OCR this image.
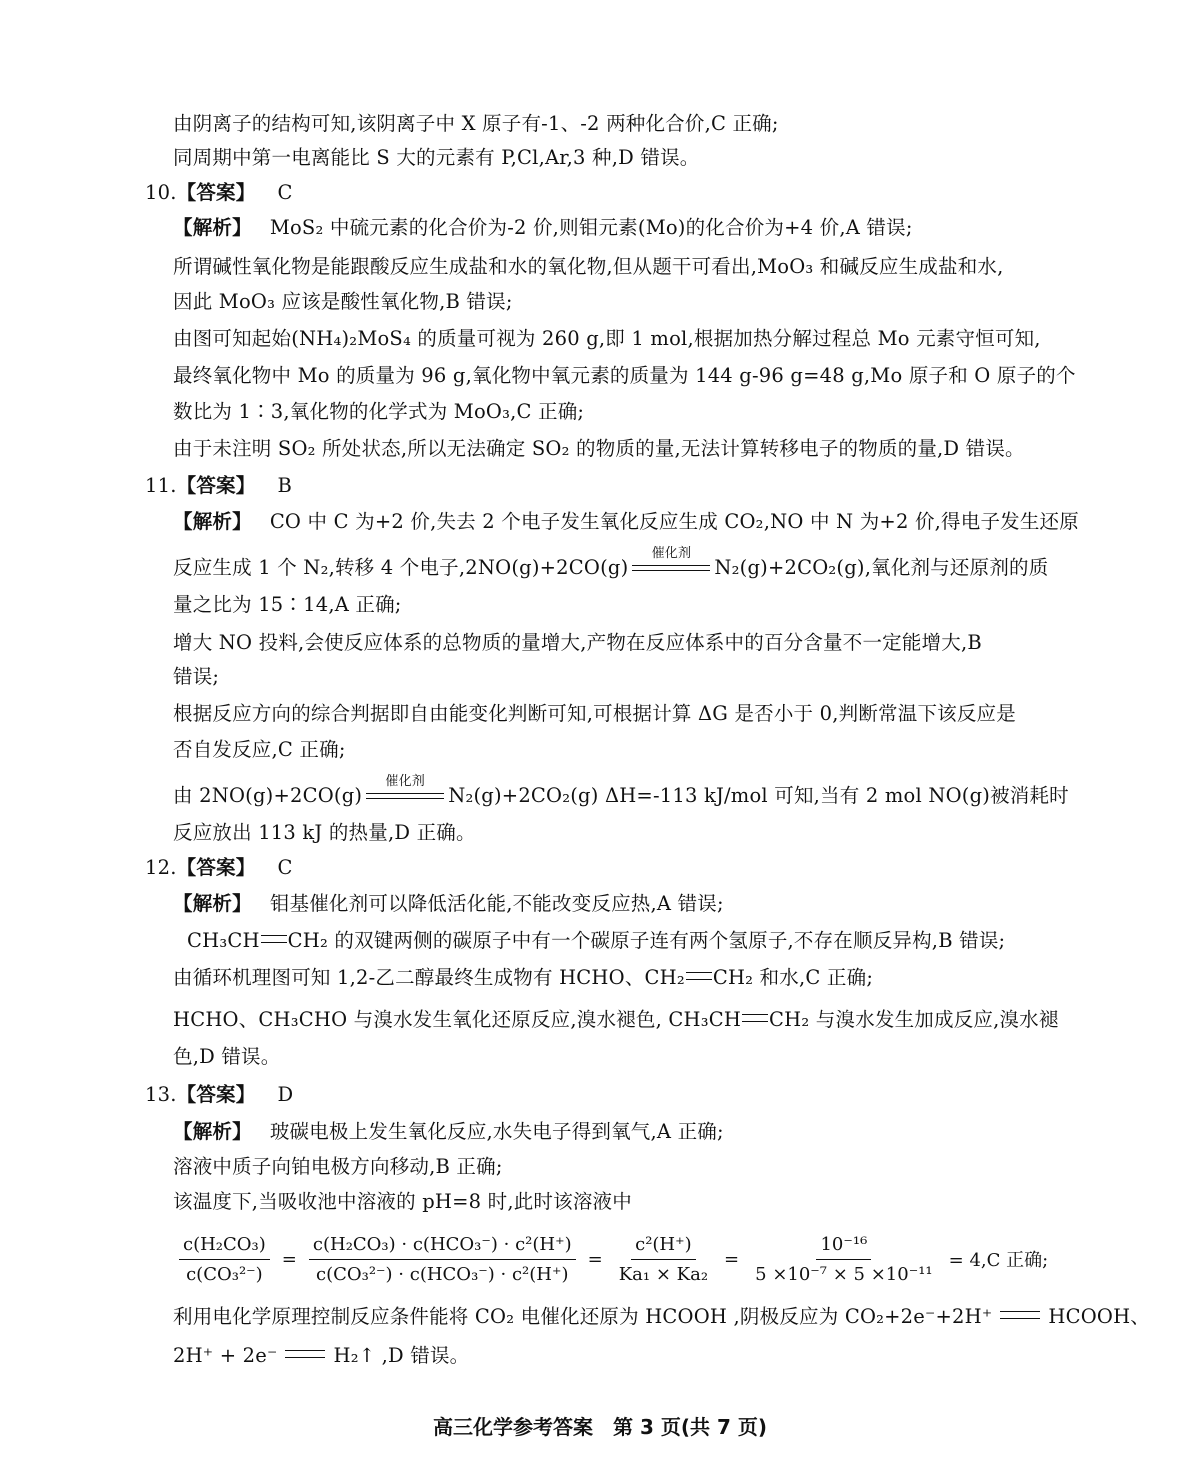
由阴离子的结构可知,该阴离子中 X 原子有-1、-2 两种化合价,C 正确;
同周期中第一电离能比 S 大的元素有 P,Cl,Ar,3 种,D 错误。
10.【答案】 C
【解析】 MoS₂ 中硫元素的化合价为-2 价,则钼元素(Mo)的化合价为+4 价,A 错误;
所谓碱性氧化物是能跟酸反应生成盐和水的氧化物,但从题干可看出,MoO₃ 和碱反应生成盐和水,
因此 MoO₃ 应该是酸性氧化物,B 错误;
由图可知起始(NH₄)₂MoS₄ 的质量可视为 260 g,即 1 mol,根据加热分解过程总 Mo 元素守恒可知,
最终氧化物中 Mo 的质量为 96 g,氧化物中氧元素的质量为 144 g-96 g=48 g,Mo 原子和 O 原子的个
数比为 1∶3,氧化物的化学式为 MoO₃,C 正确;
由于未注明 SO₂ 所处状态,所以无法确定 SO₂ 的物质的量,无法计算转移电子的物质的量,D 错误。
11.【答案】 B
【解析】 CO 中 C 为+2 价,失去 2 个电子发生氧化反应生成 CO₂,NO 中 N 为+2 价,得电子发生还原
反应生成 1 个 N₂,转移 4 个电子,2NO(g)+2CO(g)
催化剂
N₂(g)+2CO₂(g),氧化剂与还原剂的质
量之比为 15∶14,A 正确;
增大 NO 投料,会使反应体系的总物质的量增大,产物在反应体系中的百分含量不一定能增大,B
错误;
根据反应方向的综合判据即自由能变化判断可知,可根据计算 ΔG 是否小于 0,判断常温下该反应是
否自发反应,C 正确;
由 2NO(g)+2CO(g)
催化剂
N₂(g)+2CO₂(g) ΔH=-113 kJ/mol 可知,当有 2 mol NO(g)被消耗时
反应放出 113 kJ 的热量,D 正确。
12.【答案】 C
【解析】 钼基催化剂可以降低活化能,不能改变反应热,A 错误;
CH₃CH CH₂ 的双键两侧的碳原子中有一个碳原子连有两个氢原子,不存在顺反异构,B 错误;
由循环机理图可知 1,2-乙二醇最终生成物有 HCHO、CH₂ CH₂ 和水,C 正确;
HCHO、CH₃CHO 与溴水发生氧化还原反应,溴水褪色, CH₃CH CH₂ 与溴水发生加成反应,溴水褪
色,D 错误。
13.【答案】 D
【解析】 玻碳电极上发生氧化反应,水失电子得到氧气,A 正确;
溶液中质子向铂电极方向移动,B 正确;
该温度下,当吸收池中溶液的 pH=8 时,此时该溶液中
$\frac{\text{c(H₂CO₃)}}{\text{c(CO₃²⁻)}} = \frac{\text{c(H₂CO₃) · c(HCO₃⁻) · c²(H⁺)}}{\text{c(CO₃²⁻) · c(HCO₃⁻) · c²(H⁺)}} = \frac{\text{c²(H⁺)}}{\text{Ka₁ × Ka₂}} = \frac{\text{10⁻¹⁶}}{\text{5 ×10⁻⁷ × 5 ×10⁻¹¹}} = 4,C$ 正确;
利用电化学原理控制反应条件能将 CO₂ 电催化还原为 HCOOH ,阴极反应为 CO₂+2e⁻+2H⁺	HCOOH、
2H⁺ + 2e⁻	H₂↑ ,D 错误。
高三化学参考答案　第 3 页(共 7 页)
